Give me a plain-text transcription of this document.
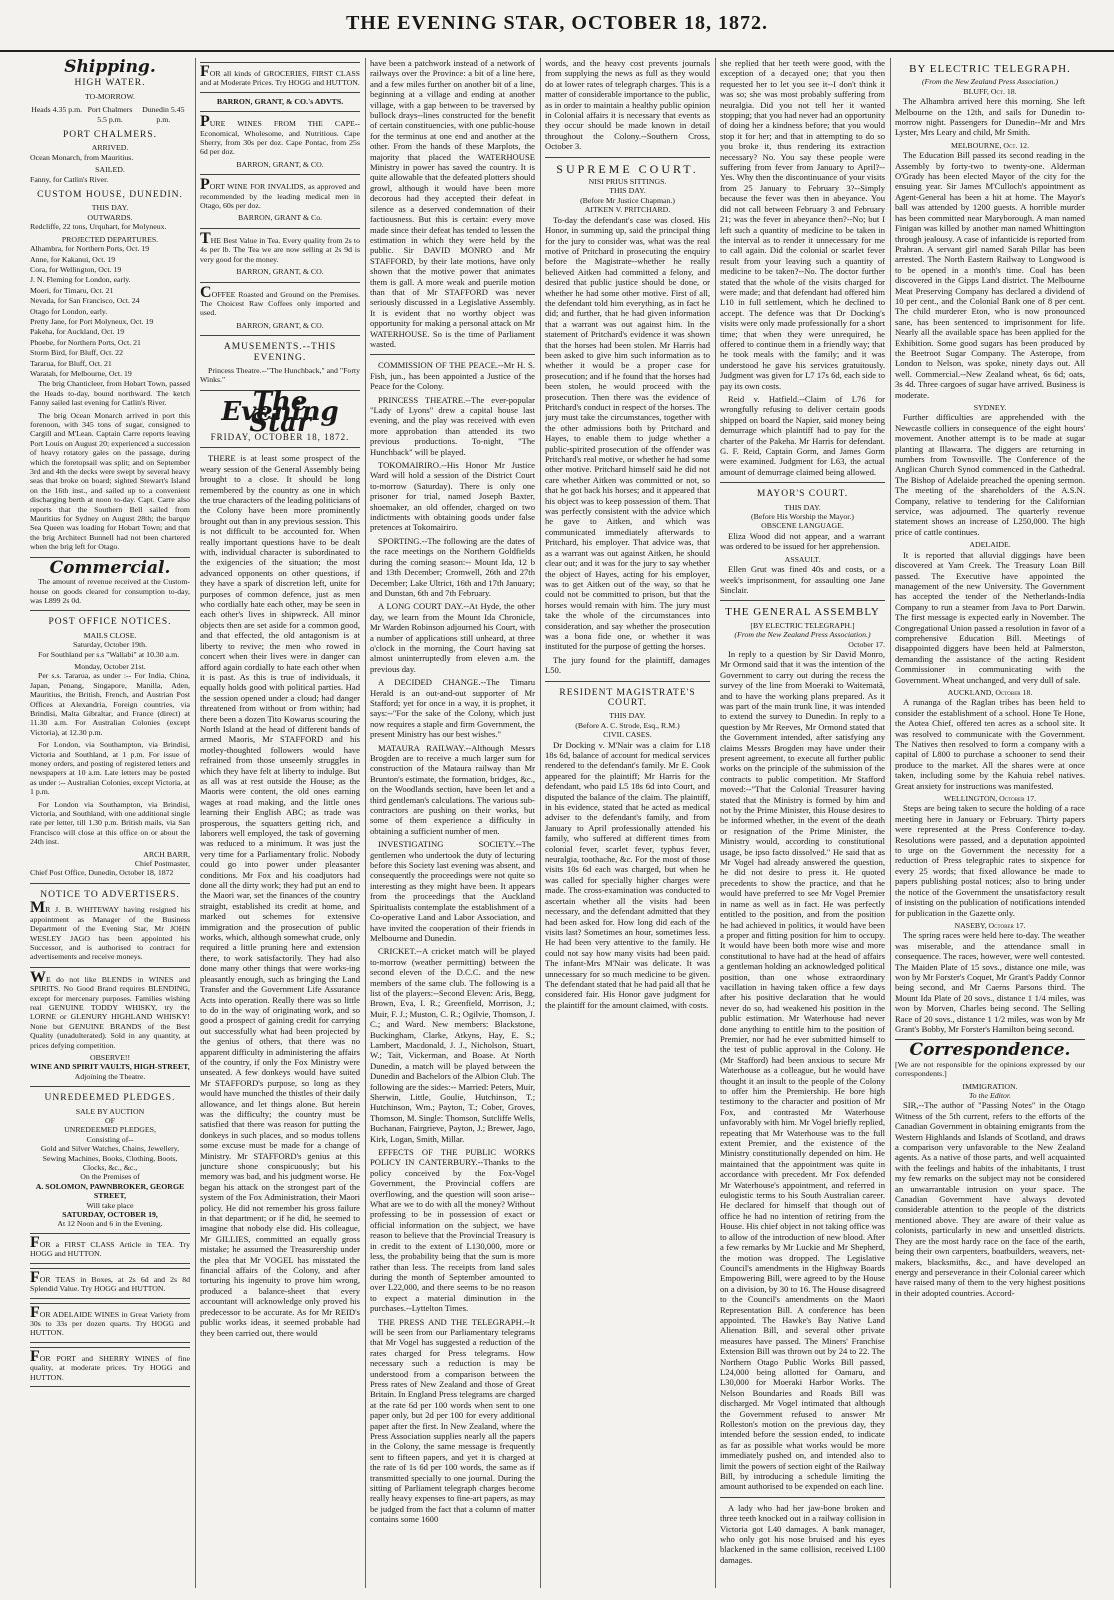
THE EVENING STAR, OCTOBER 18, 1872.
Shipping.
HIGH WATER.
TO-MORROW.
Heads 4.35 p.m. Port Chalmers 5.5 p.m.
Dunedin 5.45 p.m.
PORT CHALMERS.
ARRIVED.

Ocean Monarch, from Mauritius.

SAILED.

Fanny, for Catlin's River.

CUSTOM HOUSE, DUNEDIN.
THIS DAY.
OUTWARDS.

Redcliffe, 22 tons, Urquhart, for Molyneux.

PROJECTED DEPARTURES.
Alhambra, for Northern Ports, Oct. 19
Anne, for Kakanui, Oct. 19
Cora, for Wellington, Oct. 19
J. N. Fleming for London, early.
Moeri, for Timaru, Oct. 21
Nevada, for San Francisco, Oct. 24
Otago for London, early.
Pretty Jane, for Port Molyneux, Oct. 19
Pakeha, for Auckland, Oct. 19
Phoebe, for Northern Ports, Oct. 21
Storm Bird, for Bluff, Oct. 22
Tararua, for Bluff, Oct. 21
Waratah, for Melbourne, Oct. 19

The brig Chanticleer, from Hobart Town, passed the Heads to-day, bound northward. The ketch Fanny sailed last evening for Catlin's River.

The brig Ocean Monarch arrived in port this forenoon, with 345 tons of sugar, consigned to Cargill and M'Lean. Captain Carre reports leaving Port Louis on August 20; experienced a succession of heavy rotatory gales on the passage, during which the foretopsail was split; and on September 3rd and 4th the decks were swept by several heavy seas that broke on board; sighted Stewart's Island on the 16th inst., and sailed up to a convenient discharging berth at noon to-day. Capt. Carre also reports that the Southern Bell sailed from Mauritius for Sydney on August 28th; the barque Sea Queen was loading for Hobart Town; and that the brig Architect Bunnell had not been chartered when the brig left for Otago.

Commercial.

The amount of revenue received at the Custom-house on goods cleared for consumption to-day, was L899 2s 0d.

POST OFFICE NOTICES.
MAILS CLOSE.
Saturday, October 19th.

For Southland per s.s "Wallabi" at 10.30 a.m.

Monday, October 21st.

Per s.s. Tararua, as under :-- For India, China, Japan, Penang, Singapore, Manilla, Aden, Mauritius, the British, French, and Austrian Post Offices at Alexandria, Foreign countries, via Brindisi, Malta Gibraltar, and France (direct) at 11.30 a.m. For Australian Colonies (except Victoria), at 12.30 p.m.

For London, via Southampton, via Brindisi, Victoria and Southland, at 1 p.m. For issue of money orders, and posting of registered letters and newspapers at 10 a.m. Late letters may be posted as under :-- Australian Colonies, except Victoria, at 1 p.m.

For London via Southampton, via Brindisi, Victoria, and Southland, with one additional single rate per letter, till 1.30 p.m. British mails, via San Francisco will close at this office on or about the 24th inst.

ARCH BARR,
Chief Postmaster,
Chief Post Office, Dunedin, October 18, 1872
NOTICE TO ADVERTISERS.

MR J. B. WHITEWAY having resigned his appointment as Manager of the Business Department of the Evening Star, Mr JOHN WESLEY JAGO has been appointed his Successor, and is authorised to contract for advertisements and receive moneys.

WE do not like BLENDS in WINES and SPIRITS. No Good Brand requires BLENDING, except for mercenary purposes. Families wishing real GENUINE TODDY WHISKY, try the LORNE or GLENURY HIGHLAND WHISKY! None but GENUINE BRANDS of the Best Quality (unadulterated). Sold in any quantity, at prices defying competition.

OBSERVE!!
WINE AND SPIRIT VAULTS, HIGH-STREET,
Adjoining the Theatre.
UNREDEEMED PLEDGES.
SALE BY AUCTION
OF
UNREDEEMED PLEDGES,
Consisting of--
Gold and Silver Watches, Chains, Jewellery, Sewing Machines, Books, Clothing, Boots, Clocks, &c., &c.,
On the Premises of
A. SOLOMON, PAWNBROKER, GEORGE STREET,
Will take place
SATURDAY, OCTOBER 19,
At 12 Noon and 6 in the Evening.
FOR a FIRST CLASS Article in TEA. Try HOGG and HUTTON.
FOR TEAS in Boxes, at 2s 6d and 2s 8d Splendid Value. Try HOGG and HUTTON.
FOR ADELAIDE WINES in Great Variety from 30s to 33s per dozen quarts. Try HOGG and HUTTON.
FOR PORT and SHERRY WINES of fine quality, at moderate prices. Try HOGG and HUTTON.
FOR all kinds of GROCERIES, FIRST CLASS and at Moderate Prices. Try HOGG and HUTTON.
BARRON, GRANT, & CO.'s ADVTS.

PURE WINES FROM THE CAPE-- Economical, Wholesome, and Nutritious. Cape Sherry, from 30s per doz. Cape Pontac, from 25s 6d per doz.

BARRON, GRANT, & CO.

PORT WINE FOR INVALIDS, as approved and recommended by the leading medical men in Otago, 60s per doz.

BARRON, GRANT & Co.

THE Best Value in Tea. Every quality from 2s to 4s per lb. The Tea we are now selling at 2s 9d is very good for the money.

BARRON, GRANT, & CO.

COFFEE Roasted and Ground on the Premises. The Choicest Raw Coffees only imported and used.

BARRON, GRANT, & CO.
AMUSEMENTS.--THIS EVENING.

Princess Theatre.--"The Hunchback," and "Forty Winks."

The Evening Star
FRIDAY, OCTOBER 18, 1872.

THERE is at least some prospect of the weary session of the General Assembly being brought to a close. It should be long remembered by the country as one in which the true characters of the leading politicians of the Colony have been more prominently brought out than in any previous session. This is not difficult to be accounted for. When really important questions have to be dealt with, individual character is subordinated to the exigencies of the situation; the most advanced opponents on other questions, if they have a spark of discretion left, unite for purposes of common defence, just as men who cordially hate each other, may be seen in each other's lives in shipwreck. All minor objects then are set aside for a common good, and that effected, the old antagonism is at liberty to revive; the men who rowed in concert when their lives were in danger can afford again cordially to hate each other when it is past. As this is true of individuals, it equally holds good with political parties. Had the session opened under a cloud; had danger threatened from without or from within; had there been a dozen Tito Kowarus scouring the North Island at the head of different bands of armed Maoris, Mr STAFFORD and his motley-thoughted followers would have refrained from those unseemly struggles in which they have felt at liberty to indulge. But as all was at rest outside the House; as the Maoris were content, the old ones earning wages at road making, and the little ones learning their English ABC; as trade was prosperous, the squatters getting rich, and laborers well employed, the task of governing was reduced to a minimum. It was just the very time for a Parliamentary frolic. Nobody could go into power under pleasanter conditions. Mr Fox and his coadjutors had done all the dirty work; they had put an end to the Maori war, set the finances of the country straight, established its credit at home, and marked out schemes for extensive immigration and the prosecution of public works, which, although somewhat crude, only required a little pruning here and extension there, to work satisfactorily. They had also done many other things that were works-ing pleasantly enough, such as bringing the Land Transfer and the Government Life Assurance Acts into operation. Really there was so little to do in the way of originating work, and so good a prospect of gaining credit for carrying out successfully what had been projected by the genius of others, that there was no apparent difficulty in administering the affairs of the country, if only the Fox Ministry were unseated. A few donkeys would have suited Mr STAFFORD's purpose, so long as they would have munched the thistles of their daily allowance, and let things alone. But herein was the difficulty; the country must be satisfied that there was reason for putting the donkeys in such places, and so modus tollens some excuse must be made for a change of Ministry. Mr STAFFORD's genius at this juncture shone conspicuously; but his memory was bad, and his judgment worse. He began his attack on the strongest part of the system of the Fox Administration, their Maori policy. He did not remember his gross failure in that department; or if he did, he seemed to imagine that nobody else did. His colleague, Mr GILLIES, committed an equally gross mistake; he assumed the Treasurership under the plea that Mr VOGEL has misstated the financial affairs of the Colony, and after torturing his ingenuity to prove him wrong, produced a balance-sheet that every accountant will acknowledge only proved his predecessor to be accurate. As for Mr REID's public works ideas, it seemed probable had they been carried out, there would

have been a patchwork instead of a network of railways over the Province: a bit of a line here, and a few miles further on another bit of a line, beginning at a village and ending at another village, with a gap between to be traversed by bullock drays--lines constructed for the benefit of certain constituencies, with one public-house for the terminus at one end and another at the other. From the hands of these Marplots, the majority that placed the WATERHOUSE Ministry in power has saved the country. It is quite allowable that the defeated plotters should growl, although it would have been more decorous had they accepted their defeat in silence as a deserved condemnation of their factiousness. But this is certain: every move made since their defeat has tended to lessen the estimation in which they were held by the public. Sir DAVID MONRO and Mr STAFFORD, by their late motions, have only shown that the motive power that animates them is gall. A more weak and puerile motion than that of Mr STAFFORD was never seriously discussed in a Legislative Assembly. It is evident that no worthy object was opportunity for making a personal attack on Mr WATERHOUSE. So is the time of Parliament wasted.

COMMISSION OF THE PEACE.--Mr H. S. Fish, jun., has been appointed a Justice of the Peace for the Colony.

PRINCESS THEATRE.--The ever-popular "Lady of Lyons" drew a capital house last evening, and the play was received with even more approbation than attended its two previous productions. To-night, "The Hunchback" will be played.

TOKOMAIRIRO.--His Honor Mr Justice Ward will hold a session of the District Court to-morrow (Saturday). There is only one prisoner for trial, named Joseph Baxter, shoemaker, an old offender, charged on two indictments with obtaining goods under false pretences at Tokomairiro.

SPORTING.--The following are the dates of the race meetings on the Northern Goldfields during the coming season:-- Mount Ida, 12 b and 13th December; Cromwell, 26th and 27th December; Lake Ultrict, 16th and 17th January; and Dunstan, 6th and 7th February.

A LONG COURT DAY.--At Hyde, the other day, we learn from the Mount Ida Chronicle, Mr Warden Robinson adjourned his Court, with a number of applications still unheard, at three o'clock in the morning, the Court having sat almost uninterruptedly from eleven a.m. the previous day.

A DECIDED CHANGE.--The Timaru Herald is an out-and-out supporter of Mr Stafford; yet for once in a way, it is prophet, it says:--"For the sake of the Colony, which just now requires a staple and firm Government, the present Ministry has our best wishes."

MATAURA RAILWAY.--Although Messrs Brogden are to receive a much larger sum for construction of the Mataura railway than Mr Brunton's estimate, the formation, bridges, &c., on the Woodlands section, have been let and a third gentleman's calculations. The various sub-contractors are pushing on their works, but some of them experience a difficulty in obtaining a sufficient number of men.

INVESTIGATING SOCIETY.--The gentlemen who undertook the duty of lecturing before this Society last evening was absent, and consequently the proceedings were not quite so interesting as they might have been. It appears from the proceedings that the Auckland Spiritualists contemplate the establishment of a Co-operative Land and Labor Association, and have invited the cooperation of their friends in Melbourne and Dunedin.

CRICKET.--A cricket match will be played to-morrow (weather permitting) between the second eleven of the D.C.C. and the new members of the same club. The following is a list of the players:--Second Eleven: Aris, Begg, Brown, Eva, I. R.; Greenfield, Morrison, J.; Muir, F. J.; Muston, C. R.; Ogilvie, Thomson, J. C.; and Ward. New members: Blackstone, Buckingham, Clarke, Atkyns, Hay, E. S.; Lambert, Macdonald, J. J., Nicholson, Stuart, W.; Tait, Vickerman, and Boase. At North Dunedin, a match will be played between the Dunedin and Bachelors of the Albion Club. The following are the sides:-- Married: Peters, Muir, Sherwin, Little, Goulie, Hutchinson, T.; Hutchinson, Wm.; Payton, T.; Cober, Groves, Thomson, M. Single: Thomson, Sutcliffe Wells, Buchanan, Fairgrieve, Payton, J.; Brewer, Jago, Kirk, Logan, Smith, Millar.

EFFECTS OF THE PUBLIC WORKS POLICY IN CANTERBURY.--Thanks to the policy conceived by the Fox-Vogel Government, the Provincial coffers are overflowing, and the question will soon arise--What are we to do with all the money? Without professing to be in possession of exact or official information on the subject, we have reason to believe that the Provincial Treasury is in credit to the extent of L130,000, more or less, the probability being that the sum is more rather than less. The receipts from land sales during the month of September amounted to over L22,000, and there seems to be no reason to expect a material diminution in the purchases.--Lyttelton Times.

THE PRESS AND THE TELEGRAPH.--It will be seen from our Parliamentary telegrams that Mr Vogel has suggested a reduction of the rates charged for Press telegrams. How necessary such a reduction is may be understood from a comparison between the Press rates of New Zealand and those of Great Britain. In England Press telegrams are charged at the rate 6d per 100 words when sent to one paper only, but 2d per 100 for every additional paper after the first. In New Zealand, where the Press Association supplies nearly all the papers in the Colony, the same message is frequently sent to fifteen papers, and yet it is charged at the rate of 1s 6d per 100 words, the same as if transmitted specially to one journal. During the sitting of Parliament telegraph charges become really heavy expenses to fine-art papers, as may be judged from the fact that a column of matter contains some 1600

words, and the heavy cost prevents journals from supplying the news as full as they would do at lower rates of telegraph charges. This is a matter of considerable importance to the public, as in order to maintain a healthy public opinion in Colonial affairs it is necessary that events as they occur should be made known in detail throughout the Colony.--Southern Cross, October 3.

SUPREME COURT.
NISI PRIUS SITTINGS.
THIS DAY.
(Before Mr Justice Chapman.)
AITKEN V. PRITCHARD.

To-day the defendant's case was closed. His Honor, in summing up, said the principal thing for the jury to consider was, what was the real motive of Pritchard in prosecuting the enquiry before the Magistrate--whether he really believed Aitken had committed a felony, and desired that public justice should be done, or whether he had some other motive. First of all, the defendant told him everything, as in fact he did; and further, that he had given information that a warrant was out against him. In the statement of Pritchard's evidence it was shown that the horses had been stolen. Mr Harris had been asked to give him such information as to whether it would be a proper case for prosecution; and if he found that the horses had been stolen, he would proceed with the prosecution. Then there was the evidence of Pritchard's conduct in respect of the horses. The jury must take the circumstances, together with the other admissions both by Pritchard and Hayes, to enable them to judge whether a public-spirited prosecution of the offender was Pritchard's real motive, or whether he had some other motive. Pritchard himself said he did not care whether Aitken was committed or not, so that he got back his horses; and it appeared that his object was to keep possession of them. That was perfectly consistent with the advice which he gave to Aitken, and which was communicated immediately afterwards to Pritchard, his employer. That advice was, that as a warrant was out against Aitken, he should clear out; and it was for the jury to say whether the object of Hayes, acting for his employer, was to get Aitken out of the way, so that he could not be committed to prison, but that the horses would remain with him. The jury must take the whole of the circumstances into consideration, and say whether the prosecution was a bona fide one, or whether it was instituted for the purpose of getting the horses.

The jury found for the plaintiff, damages L50.

RESIDENT MAGISTRATE'S COURT.
THIS DAY.
(Before A. C. Strode, Esq., R.M.)
CIVIL CASES.

Dr Docking v. M'Nair was a claim for L18 18s 6d, balance of account for medical services rendered to the defendant's family. Mr E. Cook appeared for the plaintiff; Mr Harris for the defendant, who paid L5 18s 6d into Court, and disputed the balance of the claim. The plaintiff, in his evidence, stated that he acted as medical adviser to the defendant's family, and from January to April professionally attended his family, who suffered at different times from colonial fever, scarlet fever, typhus fever, neuralgia, toothache, &c. For the most of those visits 10s 6d each was charged, but when he was called for specially higher charges were made. The cross-examination was conducted to ascertain whether all the visits had been necessary, and the defendant admitted that they had been asked for. How long did each of the visits last? Sometimes an hour, sometimes less. He had been very attentive to the family. He could not say how many visits had been paid. The infant-Mrs M'Nair was delicate. It was unnecessary for so much medicine to be given. The defendant stated that he had paid all that he considered fair. His Honor gave judgment for the plaintiff for the amount claimed, with costs.

she replied that her teeth were good, with the exception of a decayed one; that you then requested her to let you see it--I don't think it was so; she was most probably suffering from neuralgia. Did you not tell her it wanted stopping; that you had never had an opportunity of doing her a kindness before; that you would stop it for her; and that in attempting to do so you broke it, thus rendering its extraction necessary? No. You say these people were suffering from fever from January to April?--Yes. Why then the discontinuance of your visits from 25 January to February 3?--Simply because the fever was then in abeyance. You did not call between February 3 and February 21; was the fever in abeyance then?--No; but I left such a quantity of medicine to be taken in the interval as to render it unnecessary for me to call again. Did the colonial or scarlet fever result from your leaving such a quantity of medicine to be taken?--No. The doctor further stated that the whole of the visits charged for were made; and that defendant had offered him L10 in full settlement, which he declined to accept. The defence was that Dr Docking's visits were only made professionally for a short time; that when they were unrequired, he offered to continue them in a friendly way; that he took meals with the family; and it was understood he gave his services gratuitously. Judgment was given for L7 17s 6d, each side to pay its own costs.

Reid v. Hatfield.--Claim of L76 for wrongfully refusing to deliver certain goods shipped on board the Napier, said money being demurrage which plaintiff had to pay for the charter of the Pakeha. Mr Harris for defendant. G. F. Reid, Captain Gorm, and James Gorm were examined. Judgment for L63, the actual amount of demurrage claimed being allowed.

MAYOR'S COURT.
THIS DAY.
(Before His Worship the Mayor.)
OBSCENE LANGUAGE.

Eliza Wood did not appear, and a warrant was ordered to be issued for her apprehension.

ASSAULT.

Ellen Grut was fined 40s and costs, or a week's imprisonment, for assaulting one Jane Sinclair.

THE GENERAL ASSEMBLY
[BY ELECTRIC TELEGRAPH.]
(From the New Zealand Press Association.)
October 17.

In reply to a question by Sir David Monro, Mr Ormond said that it was the intention of the Government to carry out during the recess the survey of the line from Moeraki to Waitematā, and to have the working plans prepared. As it was part of the main trunk line, it was intended to extend the survey to Dunedin. In reply to a question by Mr Reeves, Mr Ormond stated that the Government intended, after satisfying any claims Messrs Brogden may have under their present agreement, to execute all further public works on the principle of the submission of the contracts to public competition. Mr Stafford moved:--"That the Colonial Treasurer having stated that the Ministry is formed by him and not by the Prime Minister, this House desires to be informed whether, in the event of the death or resignation of the Prime Minister, the Ministry would, according to constitutional usage, be ipso facto dissolved." He said that as Mr Vogel had already answered the question, he did not desire to press it. He quoted precedents to show the practice, and that he would have preferred to see Mr Vogel Premier in name as well as in fact. He was perfectly entitled to the position, and from the position he had achieved in politics, it would have been a proper and fitting position for him to occupy. It would have been both more wise and more constitutional to have had at the head of affairs a gentleman holding an acknowledged political position, than one whose extraordinary vacillation in having taken office a few days after his positive declaration that he would never do so, had weakened his position in the public estimation. Mr Waterhouse had never done anything to entitle him to the position of Premier, nor had he ever submitted himself to the test of public approval in the Colony. He (Mr Stafford) had been anxious to secure Mr Waterhouse as a colleague, but he would have thought it an insult to the people of the Colony to offer him the Premiership. He bore high testimony to the character and position of Mr Fox, and contrasted Mr Waterhouse unfavorably with him. Mr Vogel briefly replied, repeating that Mr Waterhouse was to the full extent Premier, and the existence of the Ministry constitutionally depended on him. He maintained that the appointment was quite in accordance with precedent. Mr Fox defended Mr Waterhouse's appointment, and referred in eulogistic terms to his South Australian career. He declared for himself that though out of office he had no intention of retiring from the House. His chief object in not taking office was to allow of the introduction of new blood. After a few remarks by Mr Luckie and Mr Shepherd, the motion was dropped. The Legislative Council's amendments in the Highway Boards Empowering Bill, were agreed to by the House on a division, by 30 to 16. The House disagreed to the Council's amendments on the Maori Representation Bill. A conference has been appointed. The Hawke's Bay Native Land Alienation Bill, and several other private measures have passed. The Miners' Franchise Extension Bill was thrown out by 24 to 22. The Northern Otago Public Works Bill passed, L24,000 being allotted for Oamaru, and L30,000 for Moeraki Harbor Works. The Nelson Boundaries and Roads Bill was discharged. Mr Vogel intimated that although the Government refused to answer Mr Rolleston's motion on the previous day, they intended before the session ended, to indicate as far as possible what works would be more immediately pushed on, and intended also to limit the powers of section eight of the Railway Bill, by introducing a schedule limiting the amount authorised to be expended on each line.

A lady who had her jaw-bone broken and three teeth knocked out in a railway collision in Victoria got L40 damages. A bank manager, who only got his nose bruised and his eyes blackened in the same collision, received L100 damages.

BY ELECTRIC TELEGRAPH.
(From the New Zealand Press Association.)
BLUFF, Oct. 18.

The Alhambra arrived here this morning. She left Melbourne on the 12th, and sails for Dunedin to-morrow night. Passengers for Dunedin--Mr and Mrs Lyster, Mrs Leary and child, Mr Smith.

MELBOURNE, Oct. 12.

The Education Bill passed its second reading in the Assembly by forty-two to twenty-one. Alderman O'Grady has been elected Mayor of the city for the ensuing year. Sir James M'Culloch's appointment as Agent-General has been a hit at home. The Mayor's ball was attended by 1200 guests. A horrible murder has been committed near Maryborough. A man named Finigan was killed by another man named Whittington through jealousy. A case of infanticide is reported from Prahran. A servant girl named Sarah Pillar has been arrested. The North Eastern Railway to Longwood is to be opened in a month's time. Coal has been discovered in the Gipps Land district. The Melbourne Meat Preserving Company has declared a dividend of 10 per cent., and the Colonial Bank one of 8 per cent. The child murderer Eton, who is now pronounced sane, has been sentenced to imprisonment for life. Nearly all the available space has been applied for the Exhibition. Some good sugars has been produced by the Beetroot Sugar Company. The Asterope, from London to Nelson, was spoke, ninety days out. All well. Commercial.--New Zealand wheat, 6s 6d; oats, 3s 4d. Three cargoes of sugar have arrived. Business is moderate.

SYDNEY.

Further difficulties are apprehended with the Newcastle colliers in consequence of the eight hours' movement. Another attempt is to be made at sugar planting at Illawarra. The diggers are returning in numbers from Townsville. The Conference of the Anglican Church Synod commenced in the Cathedral. The Bishop of Adelaide preached the opening sermon. The meeting of the shareholders of the A.S.N. Company, relative to tendering for the Californian service, was adjourned. The quarterly revenue statement shows an increase of L250,000. The high price of cattle continues.

ADELAIDE.

It is reported that alluvial diggings have been discovered at Yam Creek. The Treasury Loan Bill passed. The Executive have appointed the management of the new University. The Government has accepted the tender of the Netherlands-India Company to run a steamer from Java to Port Darwin. The first message is expected early in November. The Congregational Union passed a resolution in favor of a comprehensive Education Bill. Meetings of disappointed diggers have been held at Palmerston, demanding the assistance of the acting Resident Commissioner in communicating with the Government. Wheat unchanged, and very dull of sale.

AUCKLAND, October 18.

A runanga of the Raglan tribes has been held to consider the establishment of a school. Hone Te Hone, the Aotea Chief, offered ten acres as a school site. It was resolved to communicate with the Government. The Natives then resolved to form a company with a capital of L800 to purchase a schooner to send their produce to the market. All the shares were at once taken, including some by the Kahuia rebel natives. Great anxiety for instructions was manifested.

WELLINGTON, October 17.

Steps are being taken to secure the holding of a race meeting here in January or February. Thirty papers were represented at the Press Conference to-day. Resolutions were passed, and a deputation appointed to urge on the Government the necessity for a reduction of Press telegraphic rates to sixpence for every 25 words; that fixed allowance be made to papers publishing postal notices; also to bring under the notice of the Government the unsatisfactory result of insisting on the publication of notifications intended for publication in the Gazette only.

NASEBY, October 17.

The spring races were held here to-day. The weather was miserable, and the attendance small in consequence. The races, however, were well contested. The Maiden Plate of 15 sovs., distance one mile, was won by Mr Forster's Coquet, Mr Grant's Paddy Connor being second, and Mr Caerns Parsons third. The Mount Ida Plate of 20 sovs., distance 1 1/4 miles, was won by Morven, Charles being second. The Selling Race of 20 sovs., distance 1 1/2 miles, was won by Mr Grant's Bobby, Mr Forster's Hamilton being second.

Correspondence.

[We are not responsible for the opinions expressed by our correspondents.]

IMMIGRATION.
To the Editor.

SIR,--The author of "Passing Notes" in the Otago Witness of the 5th current, refers to the efforts of the Canadian Government in obtaining emigrants from the Western Highlands and Islands of Scotland, and draws a comparison very unfavorable to the New Zealand agents. As a native of those parts, and well acquainted with the feelings and habits of the inhabitants, I trust my few remarks on the subject may not be considered an unwarrantable intrusion on your space. The Canadian Government have always devoted considerable attention to the people of the districts mentioned above. They are aware of their value as colonists, particularly in new and unsettled districts. They are the most hardy race on the face of the earth, being their own carpenters, boatbuilders, weavers, net-makers, blacksmiths, &c., and have developed an energy and perseverance in their Colonial career which have raised many of them to the very highest positions in their adopted countries. Accord-
